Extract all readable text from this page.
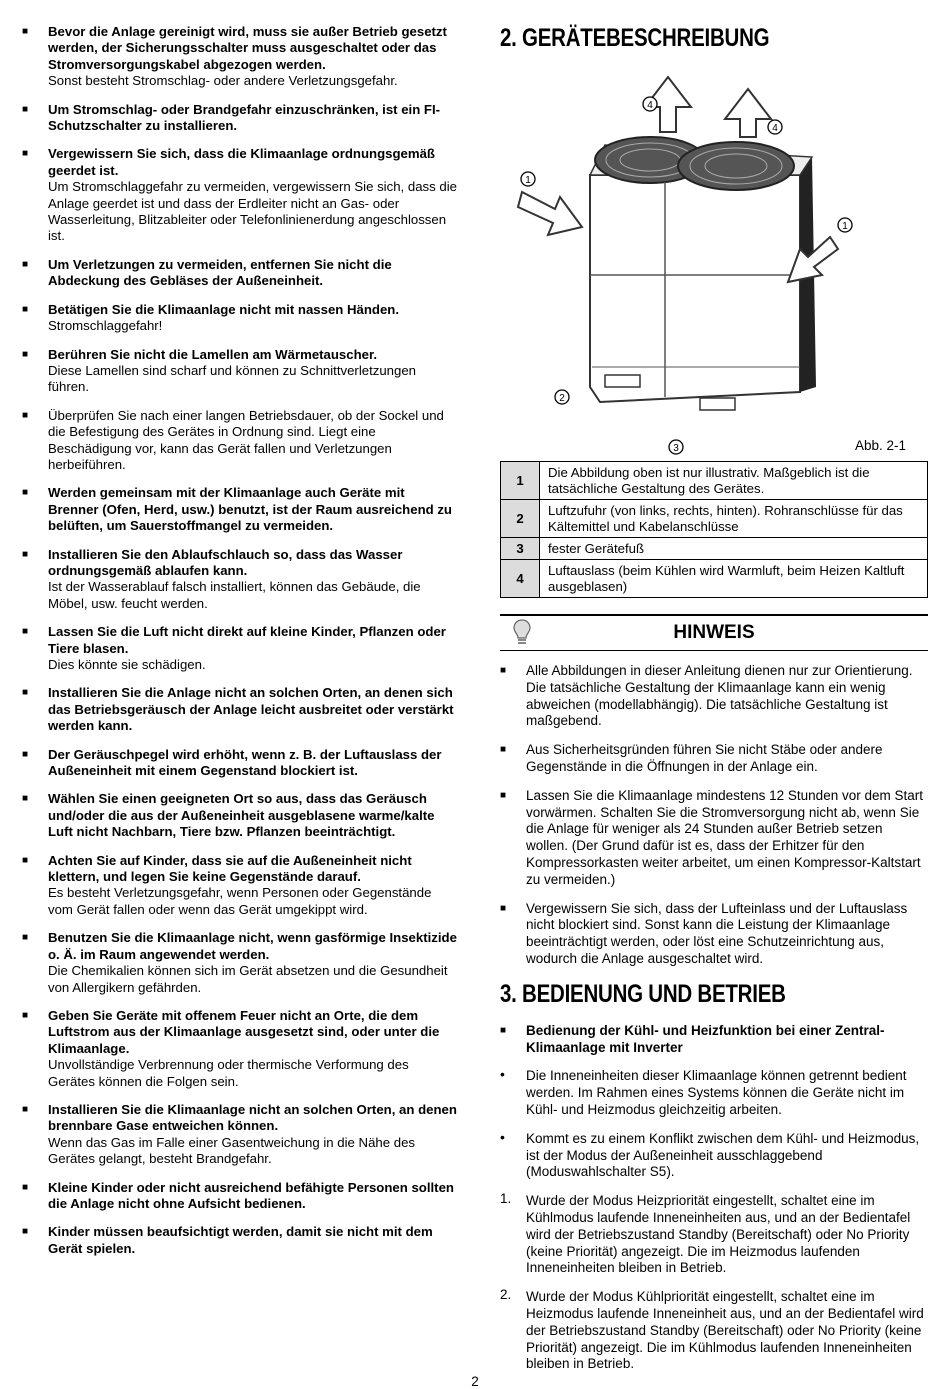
■ Bevor die Anlage gereinigt wird, muss sie außer Betrieb gesetzt werden, der Sicherungsschalter muss ausgeschaltet oder das Stromversorgungskabel abgezogen werden.
Sonst besteht Stromschlag- oder andere Verletzungsgefahr.
■ Um Stromschlag- oder Brandgefahr einzuschränken, ist ein FI-Schutzschalter zu installieren.
■ Vergewissern Sie sich, dass die Klimaanlage ordnungsgemäß geerdet ist.
Um Stromschlaggefahr zu vermeiden, vergewissern Sie sich, dass die Anlage geerdet ist und dass der Erdleiter nicht an Gas- oder Wasserleitung, Blitzableiter oder Telefonlinienerdung angeschlossen ist.
■ Um Verletzungen zu vermeiden, entfernen Sie nicht die Abdeckung des Gebläses der Außeneinheit.
■ Betätigen Sie die Klimaanlage nicht mit nassen Händen.
Stromschlaggefahr!
■ Berühren Sie nicht die Lamellen am Wärmetauscher.
Diese Lamellen sind scharf und können zu Schnittverletzungen führen.
■ Überprüfen Sie nach einer langen Betriebsdauer, ob der Sockel und die Befestigung des Gerätes in Ordnung sind. Liegt eine Beschädigung vor, kann das Gerät fallen und Verletzungen herbeiführen.
■ Werden gemeinsam mit der Klimaanlage auch Geräte mit Brenner (Ofen, Herd, usw.) benutzt, ist der Raum ausreichend zu belüften, um Sauerstoffmangel zu vermeiden.
■ Installieren Sie den Ablaufschlauch so, dass das Wasser ordnungsgemäß ablaufen kann.
Ist der Wasserablauf falsch installiert, können das Gebäude, die Möbel, usw. feucht werden.
■ Lassen Sie die Luft nicht direkt auf kleine Kinder, Pflanzen oder Tiere blasen.
Dies könnte sie schädigen.
■ Installieren Sie die Anlage nicht an solchen Orten, an denen sich das Betriebsgeräusch der Anlage leicht ausbreitet oder verstärkt werden kann.
■ Der Geräuschpegel wird erhöht, wenn z. B. der Luftauslass der Außeneinheit mit einem Gegenstand blockiert ist.
■ Wählen Sie einen geeigneten Ort so aus, dass das Geräusch und/oder die aus der Außeneinheit ausgeblasene warme/kalte Luft nicht Nachbarn, Tiere bzw. Pflanzen beeinträchtigt.
■ Achten Sie auf Kinder, dass sie auf die Außeneinheit nicht klettern, und legen Sie keine Gegenstände darauf.
Es besteht Verletzungsgefahr, wenn Personen oder Gegenstände vom Gerät fallen oder wenn das Gerät umgekippt wird.
■ Benutzen Sie die Klimaanlage nicht, wenn gasförmige Insektizide o. Ä. im Raum angewendet werden.
Die Chemikalien können sich im Gerät absetzen und die Gesundheit von Allergikern gefährden.
■ Geben Sie Geräte mit offenem Feuer nicht an Orte, die dem Luftstrom aus der Klimaanlage ausgesetzt sind, oder unter die Klimaanlage.
Unvollständige Verbrennung oder thermische Verformung des Gerätes können die Folgen sein.
■ Installieren Sie die Klimaanlage nicht an solchen Orten, an denen brennbare Gase entweichen können.
Wenn das Gas im Falle einer Gasentweichung in die Nähe des Gerätes gelangt, besteht Brandgefahr.
■ Kleine Kinder oder nicht ausreichend befähigte Personen sollten die Anlage nicht ohne Aufsicht bedienen.
■ Kinder müssen beaufsichtigt werden, damit sie nicht mit dem Gerät spielen.
2. GERÄTEBESCHREIBUNG
4
4
1
1
2
3	Abb. 2-1
1	Die Abbildung oben ist nur illustrativ. Maßgeblich ist die tatsächliche Gestaltung des Gerätes.
2	Luftzufuhr (von links, rechts, hinten). Rohranschlüsse für das Kältemittel und Kabelanschlüsse
3	fester Gerätefuß
4	Luftauslass (beim Kühlen wird Warmluft, beim Heizen Kaltluft ausgeblasen)
HINWEIS
■ Alle Abbildungen in dieser Anleitung dienen nur zur Orientierung. Die tatsächliche Gestaltung der Klimaanlage kann ein wenig abweichen (modellabhängig). Die tatsächliche Gestaltung ist maßgebend.
■ Aus Sicherheitsgründen führen Sie nicht Stäbe oder andere Gegenstände in die Öffnungen in der Anlage ein.
■ Lassen Sie die Klimaanlage mindestens 12 Stunden vor dem Start vorwärmen. Schalten Sie die Stromversorgung nicht ab, wenn Sie die Anlage für weniger als 24 Stunden außer Betrieb setzen wollen. (Der Grund dafür ist es, dass der Erhitzer für den Kompressorkasten weiter arbeitet, um einen Kompressor-Kaltstart zu vermeiden.)
■ Vergewissern Sie sich, dass der Lufteinlass und der Luftauslass nicht blockiert sind. Sonst kann die Leistung der Klimaanlage beeinträchtigt werden, oder löst eine Schutzeinrichtung aus, wodurch die Anlage ausgeschaltet wird.
3. BEDIENUNG UND BETRIEB
■ Bedienung der Kühl- und Heizfunktion bei einer Zentral-Klimaanlage mit Inverter
• Die Inneneinheiten dieser Klimaanlage können getrennt bedient werden. Im Rahmen eines Systems können die Geräte nicht im Kühl- und Heizmodus gleichzeitig arbeiten.
• Kommt es zu einem Konflikt zwischen dem Kühl- und Heizmodus, ist der Modus der Außeneinheit ausschlaggebend (Moduswahlschalter S5).
1. Wurde der Modus Heizpriorität eingestellt, schaltet eine im Kühlmodus laufende Inneneinheiten aus, und an der Bedientafel wird der Betriebszustand Standby (Bereitschaft) oder No Priority (keine Priorität) angezeigt. Die im Heizmodus laufenden Inneneinheiten bleiben in Betrieb.
2. Wurde der Modus Kühlpriorität eingestellt, schaltet eine im Heizmodus laufende Inneneinheit aus, und an der Bedientafel wird der Betriebszustand Standby (Bereitschaft) oder No Priority (keine Priorität) angezeigt. Die im Kühlmodus laufenden Inneneinheiten bleiben in Betrieb.
2
